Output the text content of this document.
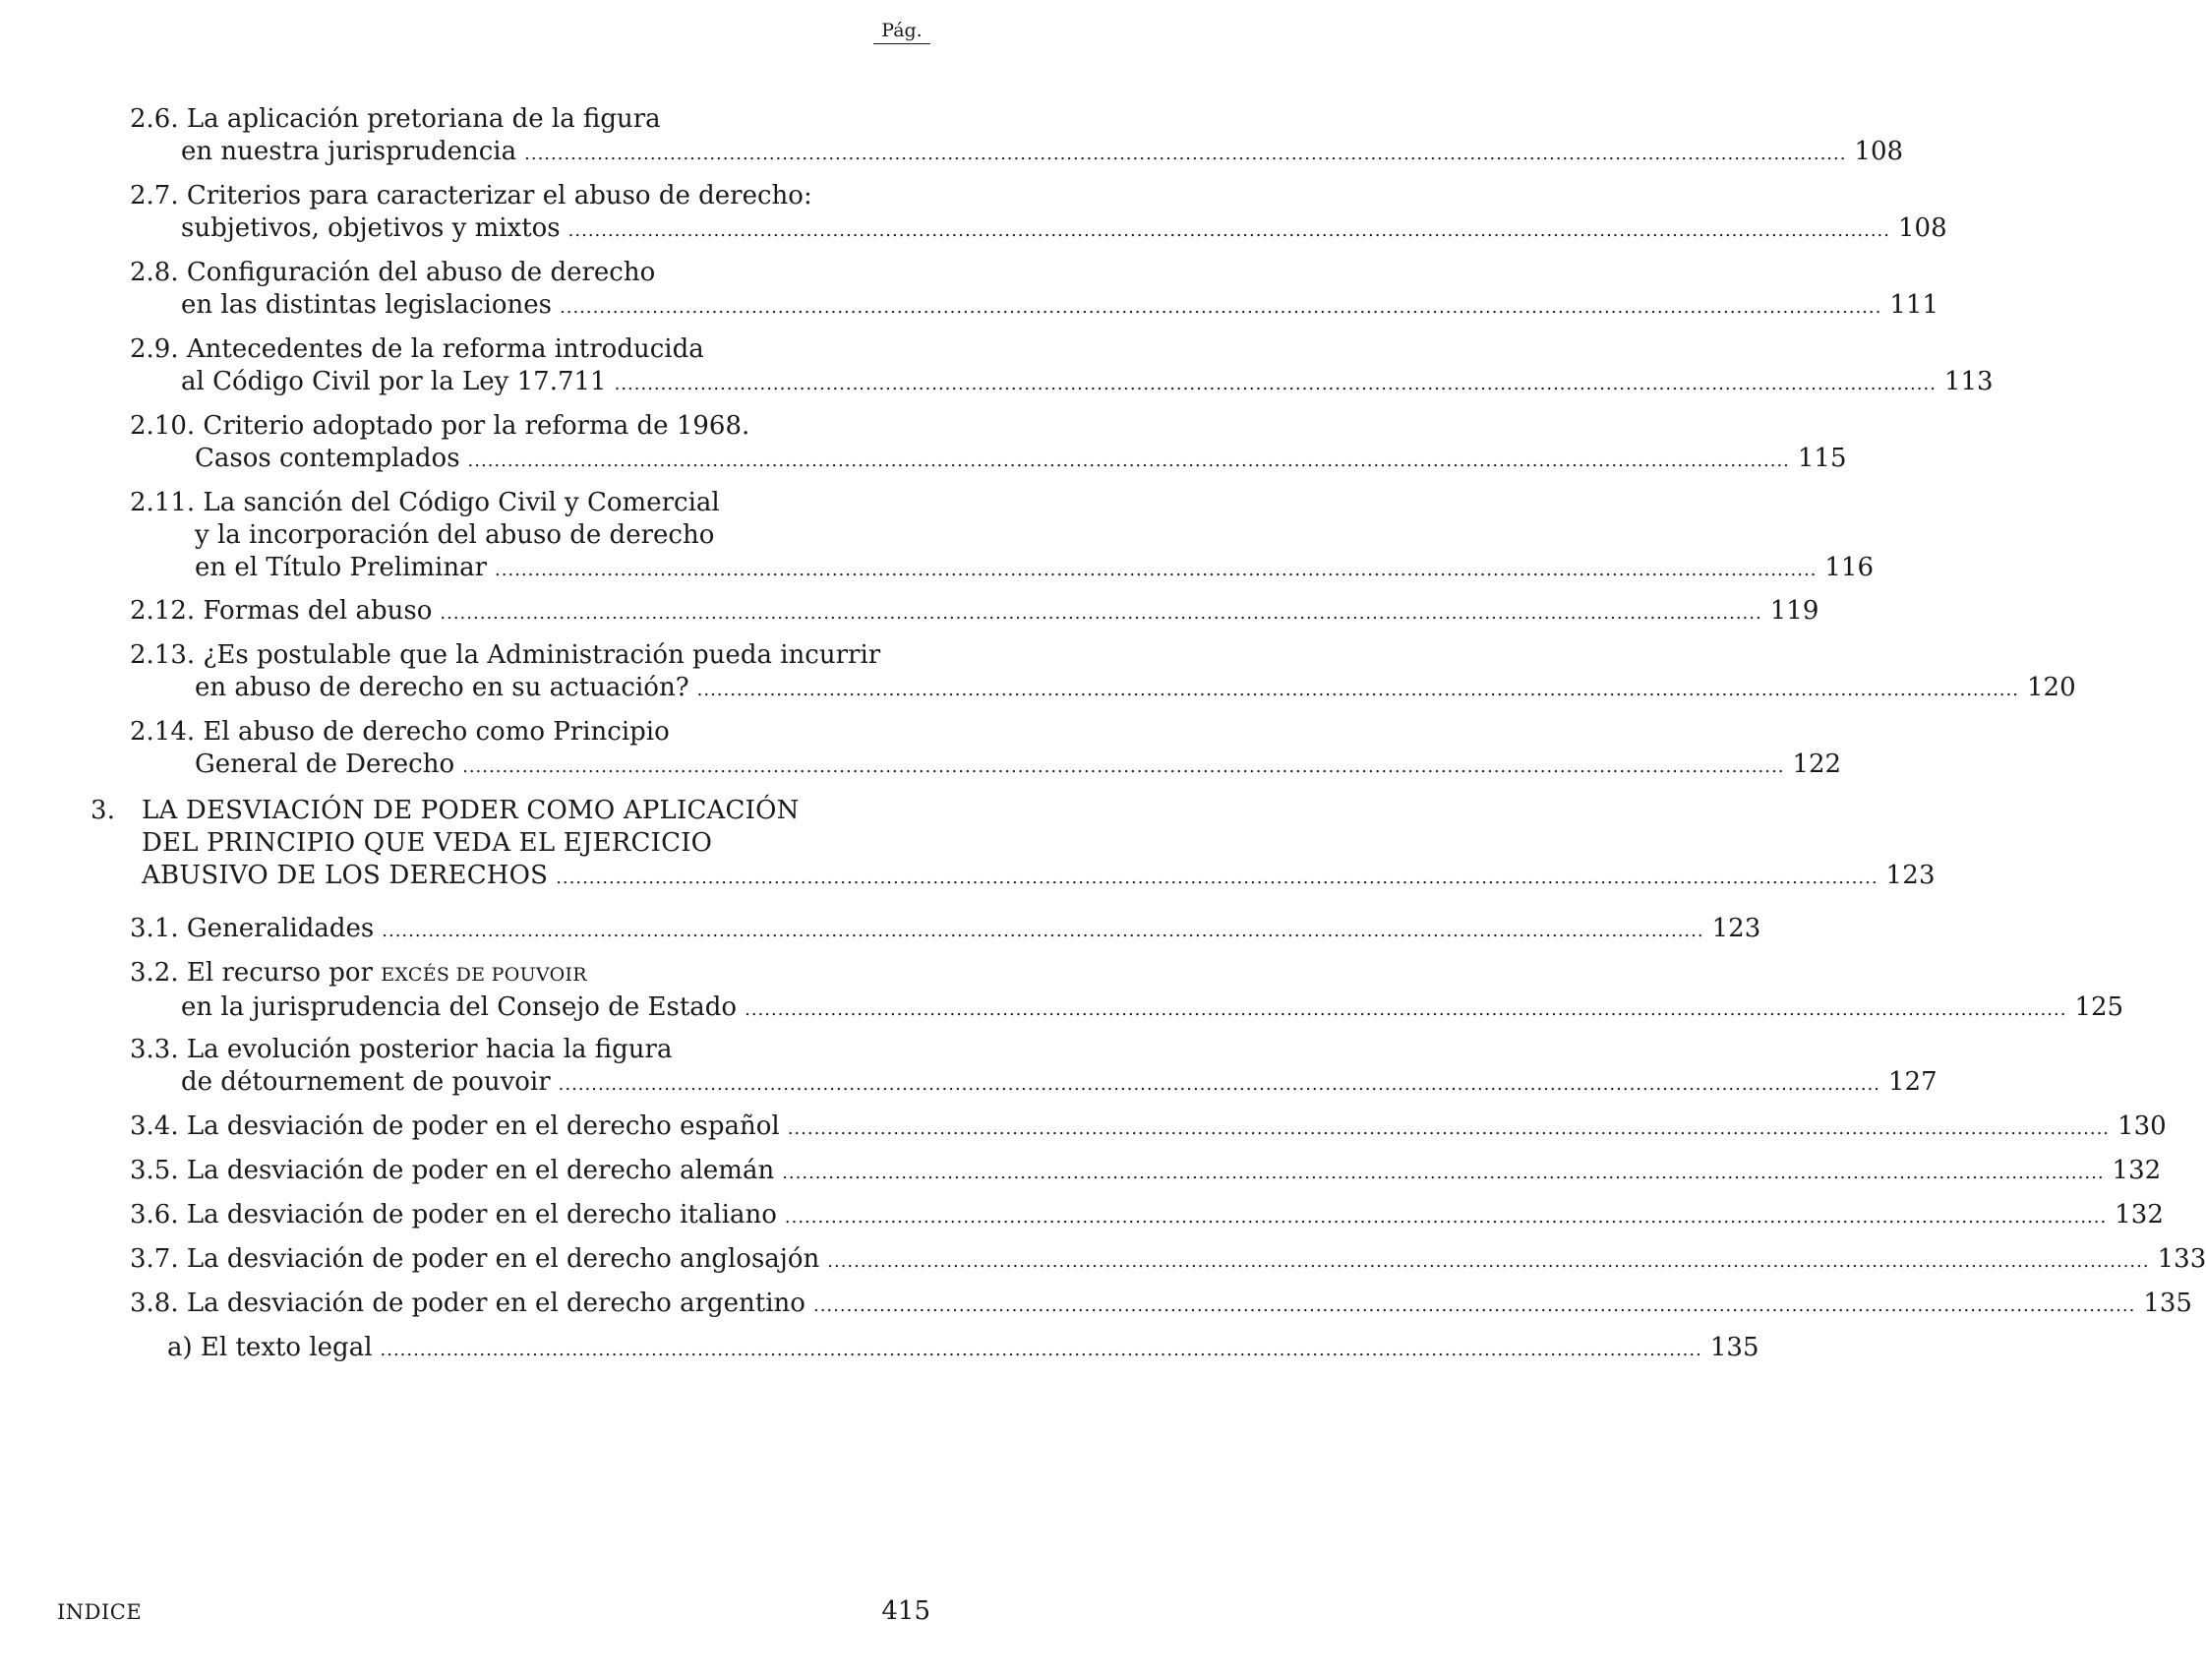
Pág.
2.6. La aplicación pretoriana de la figura
en nuestra jurisprudencia ........................................................................................................................................................................................................ 108
2.7. Criterios para caracterizar el abuso de derecho:
subjetivos, objetivos y mixtos ........................................................................................................................................................................................................ 108
2.8. Configuración del abuso de derecho
en las distintas legislaciones ........................................................................................................................................................................................................ 111
2.9. Antecedentes de la reforma introducida
al Código Civil por la Ley 17.711 ........................................................................................................................................................................................................ 113
2.10. Criterio adoptado por la reforma de 1968.
Casos contemplados ........................................................................................................................................................................................................ 115
2.11. La sanción del Código Civil y Comercial
y la incorporación del abuso de derecho
en el Título Preliminar ........................................................................................................................................................................................................ 116
2.12. Formas del abuso ........................................................................................................................................................................................................ 119
2.13. ¿Es postulable que la Administración pueda incurrir
en abuso de derecho en su actuación? ........................................................................................................................................................................................................ 120
2.14. El abuso de derecho como Principio
General de Derecho ........................................................................................................................................................................................................ 122
3. LA DESVIACIÓN DE PODER COMO APLICACIÓN
DEL PRINCIPIO QUE VEDA EL EJERCICIO
ABUSIVO DE LOS DERECHOS ........................................................................................................................................................................................................ 123
3.1. Generalidades ........................................................................................................................................................................................................ 123
3.2. El recurso por EXCÉS DE POUVOIR
en la jurisprudencia del Consejo de Estado ........................................................................................................................................................................................................ 125
3.3. La evolución posterior hacia la figura
de détournement de pouvoir ........................................................................................................................................................................................................ 127
3.4. La desviación de poder en el derecho español ........................................................................................................................................................................................................ 130
3.5. La desviación de poder en el derecho alemán ........................................................................................................................................................................................................ 132
3.6. La desviación de poder en el derecho italiano ........................................................................................................................................................................................................ 132
3.7. La desviación de poder en el derecho anglosajón ........................................................................................................................................................................................................ 133
3.8. La desviación de poder en el derecho argentino ........................................................................................................................................................................................................ 135
a) El texto legal ........................................................................................................................................................................................................ 135
INDICE	415
